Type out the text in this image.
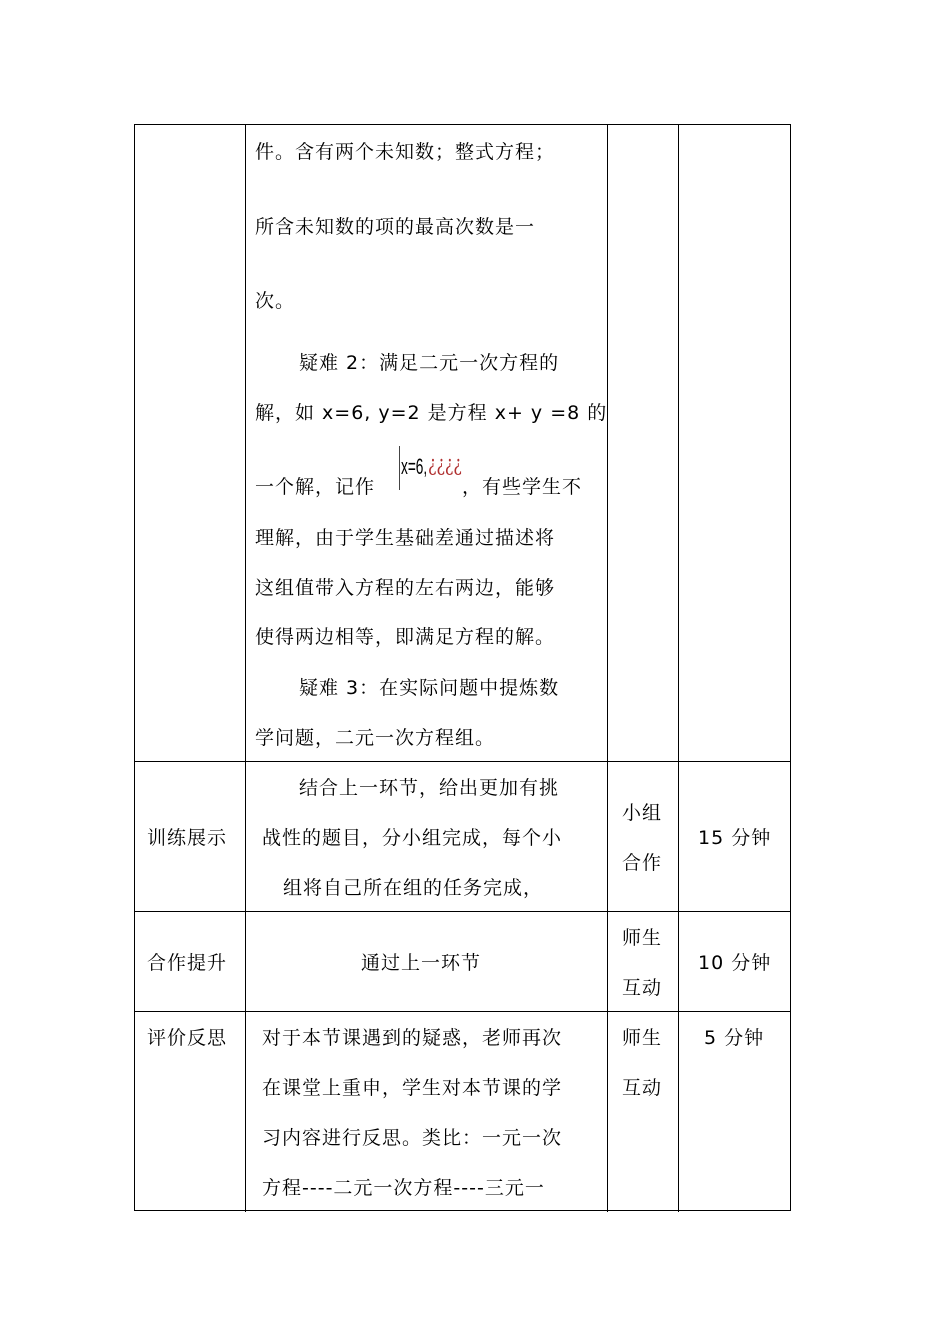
件。含有两个未知数；整式方程；
所含未知数的项的最高次数是一
次。
疑难 2：满足二元一次方程的
解，如 x=6, y=2 是方程 x+ y =8 的
一个解，记作
x=6, ¿¿¿¿
，有些学生不
理解，由于学生基础差通过描述将
这组值带入方程的左右两边，能够
使得两边相等，即满足方程的解。
疑难 3：在实际问题中提炼数
学问题，二元一次方程组。
训练展示
结合上一环节，给出更加有挑
战性的题目，分小组完成，每个小
组将自己所在组的任务完成，
小组
合作
15 分钟
合作提升	通过上一环节
师生
互动
10 分钟
评价反思 对于本节课遇到的疑惑，老师再次
在课堂上重申，学生对本节课的学
习内容进行反思。类比：一元一次
方程----二元一次方程----三元一
师生
互动
5 分钟
